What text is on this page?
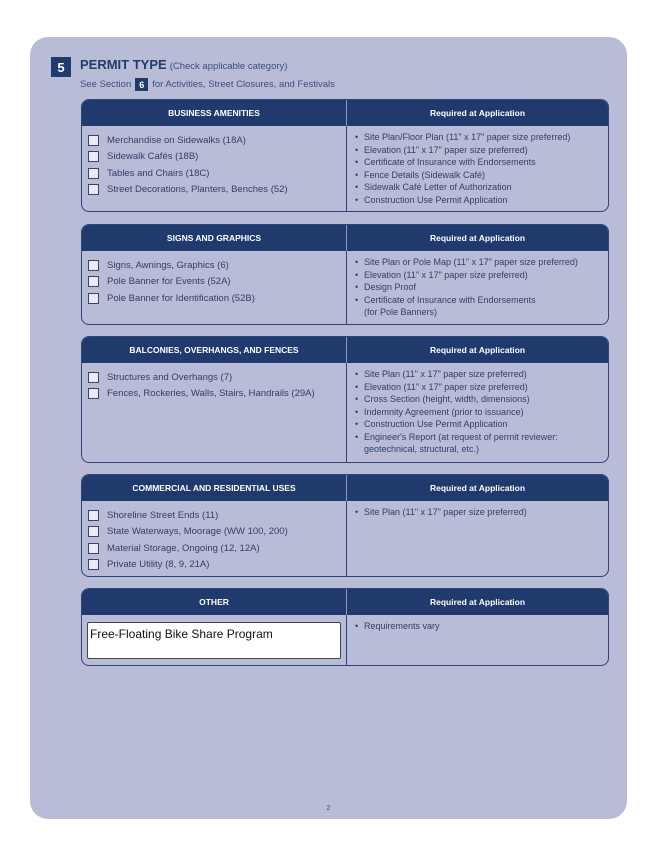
5	PERMIT TYPE (Check applicable category)
See Section 6 for Activities, Street Closures, and Festivals
BUSINESS AMENITIES	Required at Application
Merchandise on Sidewalks (18A)
Sidewalk Cafés (18B)
Tables and Chairs (18C)
Street Decorations, Planters, Benches (52)
• Site Plan/Floor Plan (11" x 17" paper size preferred)
• Elevation (11" x 17" paper size preferred)
• Certificate of Insurance with Endorsements
• Fence Details (Sidewalk Café)
• Sidewalk Café Letter of Authorization
• Construction Use Permit Application
SIGNS AND GRAPHICS	Required at Application
Signs, Awnings, Graphics (6)
Pole Banner for Events (52A)
Pole Banner for Identification (52B)
• Site Plan or Pole Map (11" x 17" paper size preferred)
• Elevation (11" x 17" paper size preferred)
• Design Proof
• Certificate of Insurance with Endorsements
(for Pole Banners)
BALCONIES, OVERHANGS, AND FENCES	Required at Application
Structures and Overhangs (7)
Fences, Rockeries, Walls, Stairs, Handrails (29A)
• Site Plan (11" x 17" paper size preferred)
• Elevation (11" x 17" paper size preferred)
• Cross Section (height, width, dimensions)
• Indemnity Agreement (prior to issuance)
• Construction Use Permit Application
• Engineer's Report (at request of permit reviewer:
geotechnical, structural, etc.)
COMMERCIAL AND RESIDENTIAL USES	Required at Application
Shoreline Street Ends (11)
State Waterways, Moorage (WW 100, 200)
Material Storage, Ongoing (12, 12A)
Private Utility (8, 9, 21A)
• Site Plan (11" x 17" paper size preferred)
OTHER	Required at Application
Free-Floating Bike Share Program
• Requirements vary
2
